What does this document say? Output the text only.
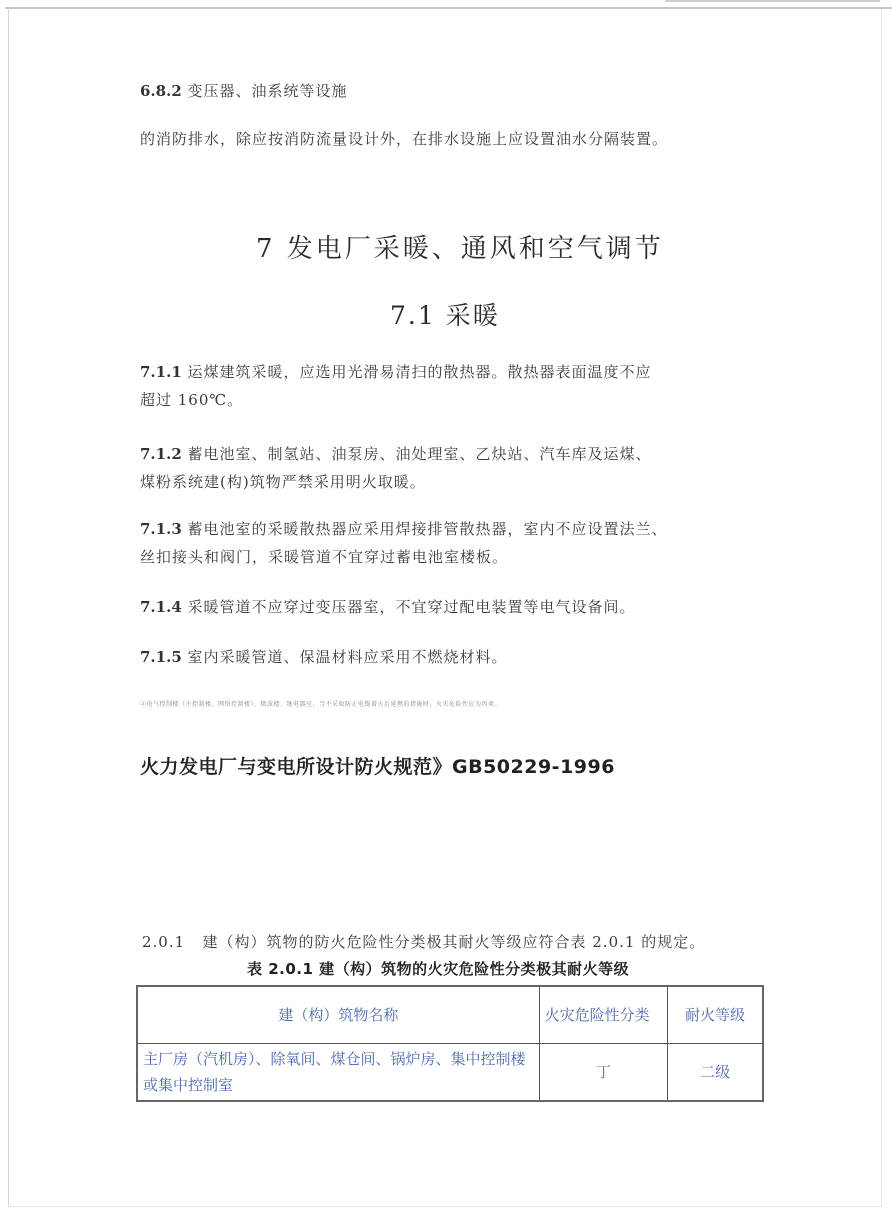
6.8.2 变压器、油系统等设施
的消防排水，除应按消防流量设计外，在排水设施上应设置油水分隔装置。
7 发电厂采暖、通风和空气调节
7.1 采暖
7.1.1 运煤建筑采暖，应选用光滑易清扫的散热器。散热器表面温度不应
超过 160℃。
7.1.2 蓄电池室、制氢站、油泵房、油处理室、乙炔站、汽车库及运煤、
煤粉系统建(构)筑物严禁采用明火取暖。
7.1.3 蓄电池室的采暖散热器应采用焊接排管散热器，室内不应设置法兰、
丝扣接头和阀门，采暖管道不宜穿过蓄电池室楼板。
7.1.4 采暖管道不应穿过变压器室，不宜穿过配电装置等电气设备间。
7.1.5 室内采暖管道、保温材料应采用不燃烧材料。
②电气控制楼（主控制楼、网络控制楼）、微波楼、继电器室，当不采取防止电缆着火后延燃的措施时，火灾危险性应为丙类。
火力发电厂与变电所设计防火规范》GB50229-1996
2.0.1 建（构）筑物的防火危险性分类极其耐火等级应符合表 2.0.1 的规定。
表 2.0.1 建（构）筑物的火灾危险性分类极其耐火等级
建（构）筑物名称	火灾危险性分类	耐火等级
主厂房（汽机房）、除氧间、煤仓间、锅炉房、集中控制楼或集中控制室	丁	二级
